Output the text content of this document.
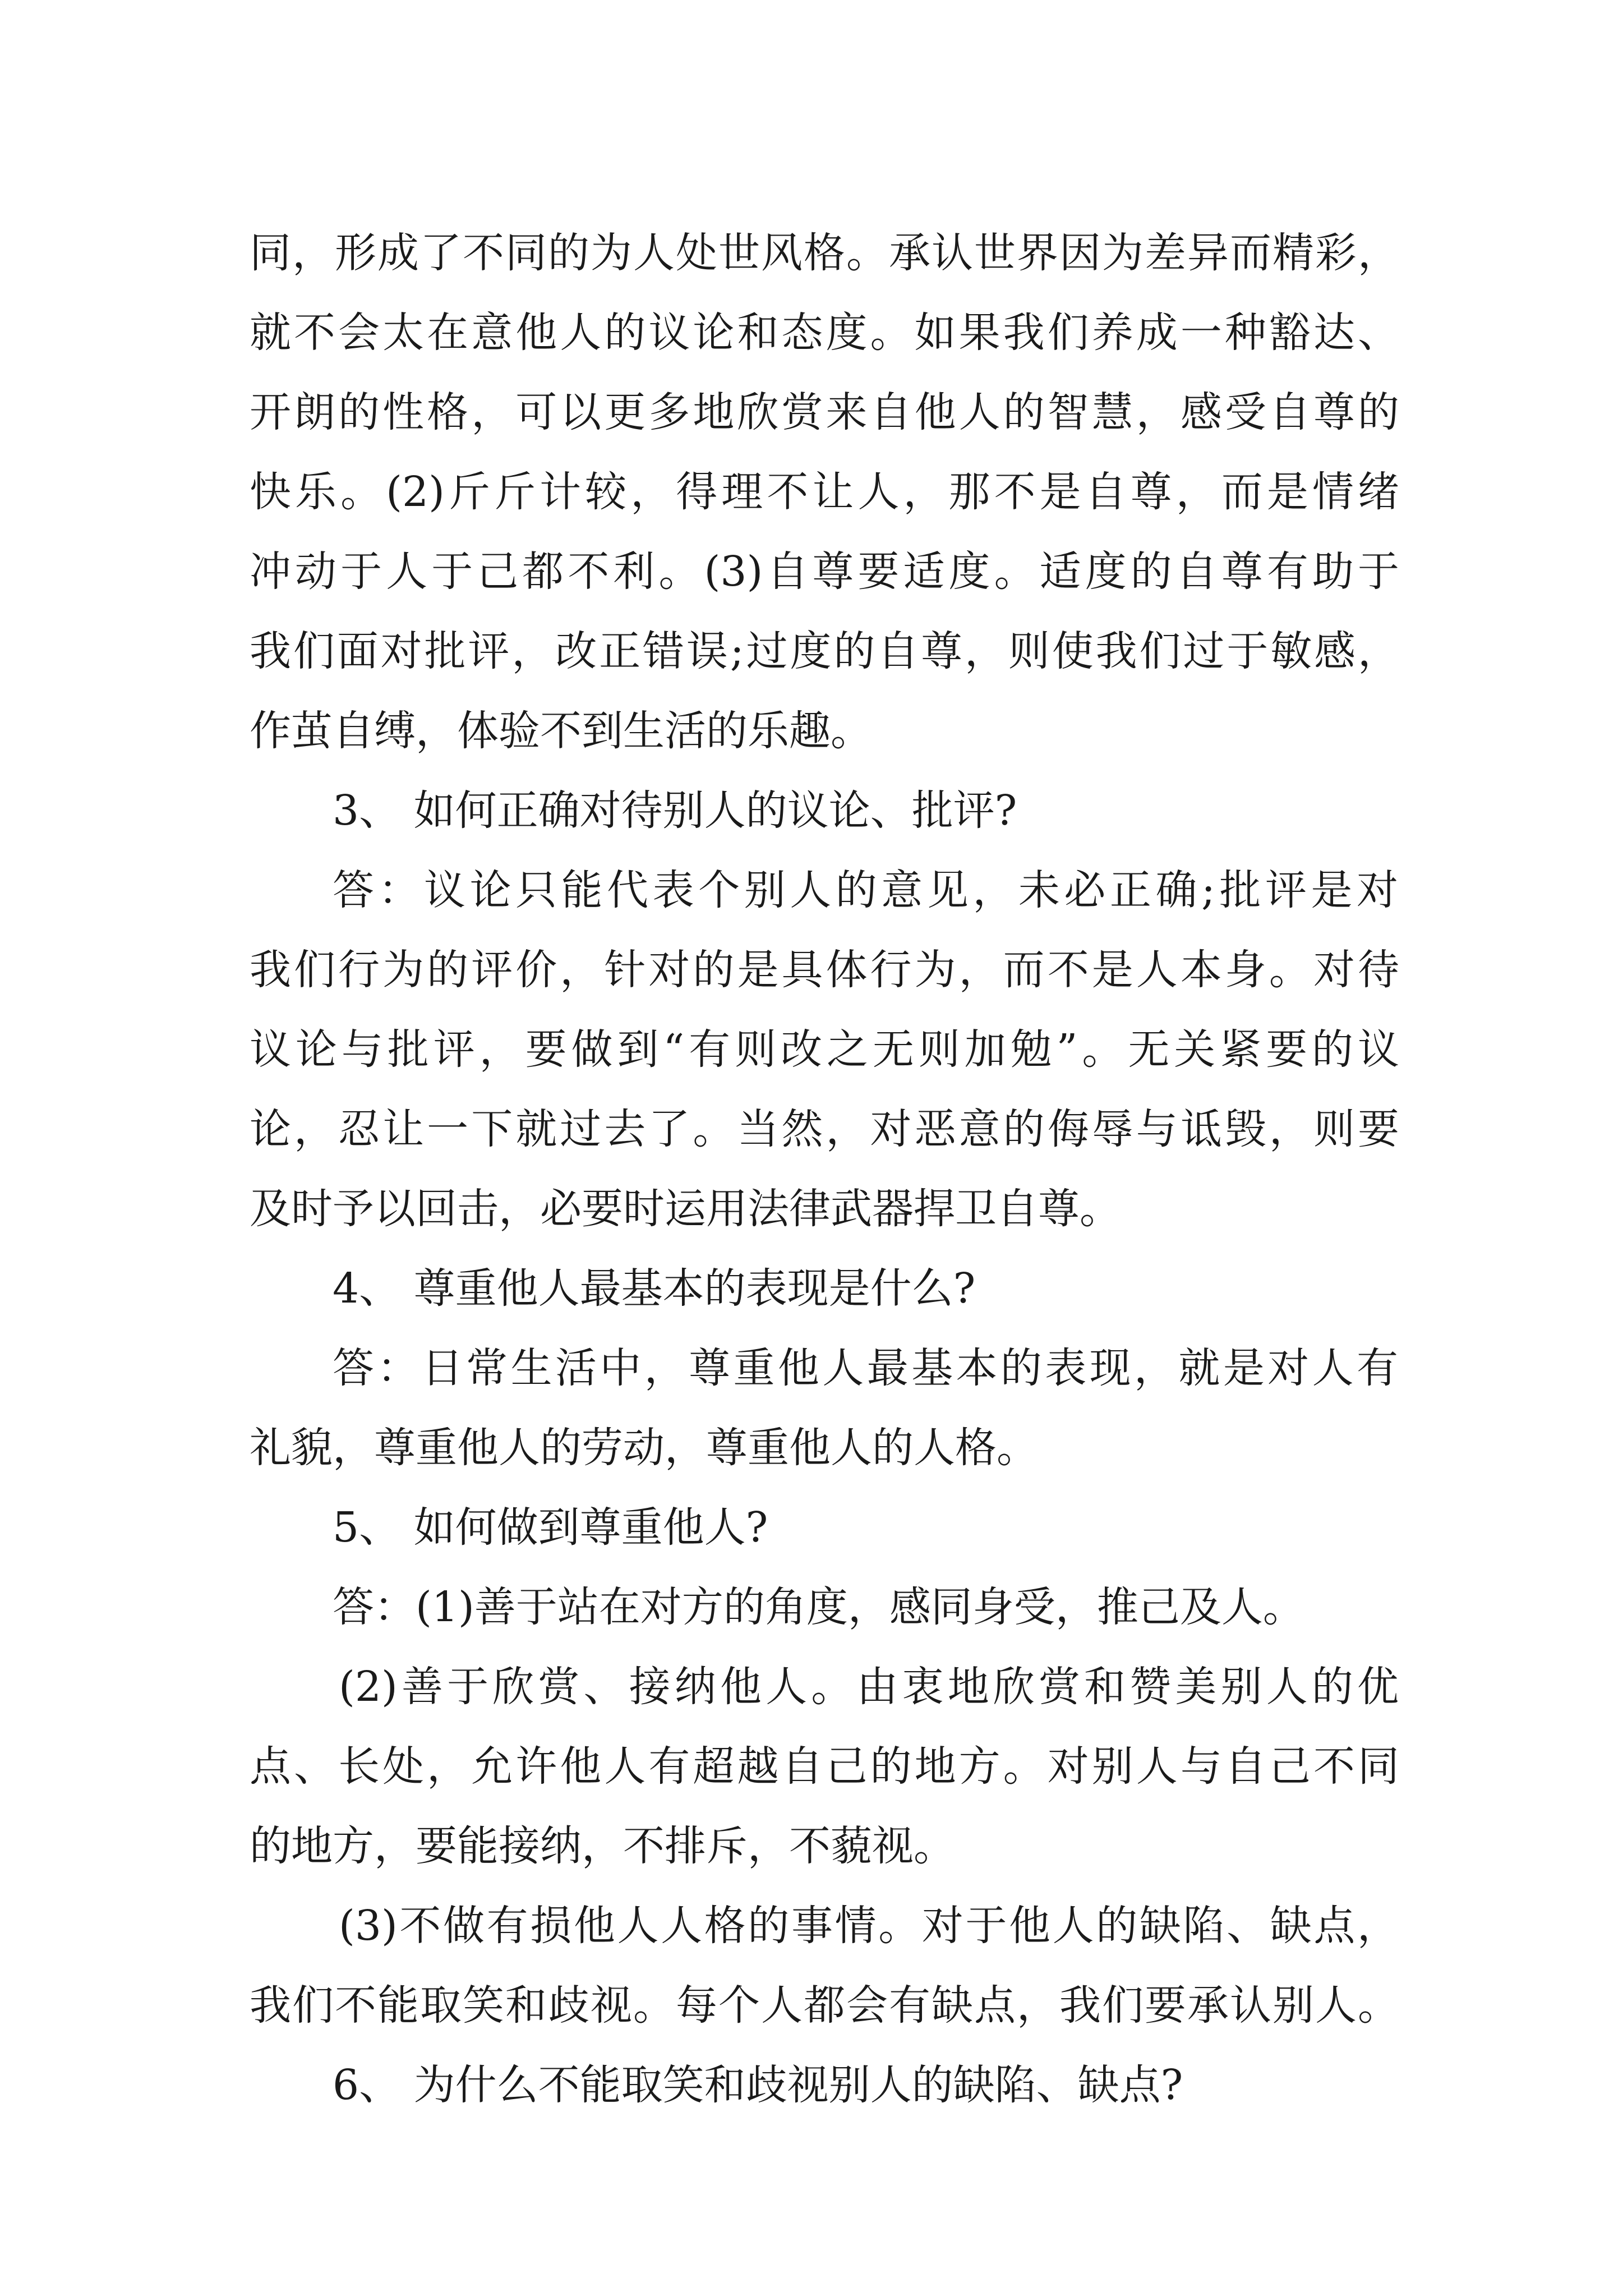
同，形成了不同的为人处世风格。承认世界因为差异而精彩，
就不会太在意他人的议论和态度。如果我们养成一种豁达、
开朗的性格，可以更多地欣赏来自他人的智慧，感受自尊的
快乐。(2)斤斤计较，得理不让人，那不是自尊，而是情绪
冲动于人于己都不利。(3)自尊要适度。适度的自尊有助于
我们面对批评，改正错误;过度的自尊，则使我们过于敏感，
作茧自缚，体验不到生活的乐趣。
3、 如何正确对待别人的议论、批评?
答：议论只能代表个别人的意见，未必正确;批评是对
我们行为的评价，针对的是具体行为，而不是人本身。对待
议论与批评，要做到“有则改之无则加勉”。无关紧要的议
论，忍让一下就过去了。当然，对恶意的侮辱与诋毁，则要
及时予以回击，必要时运用法律武器捍卫自尊。
4、 尊重他人最基本的表现是什么?
答：日常生活中，尊重他人最基本的表现，就是对人有
礼貌，尊重他人的劳动，尊重他人的人格。
5、 如何做到尊重他人?
答：(1)善于站在对方的角度，感同身受，推己及人。
(2)善于欣赏、接纳他人。由衷地欣赏和赞美别人的优
点、长处，允许他人有超越自己的地方。对别人与自己不同
的地方，要能接纳，不排斥，不藐视。
(3)不做有损他人人格的事情。对于他人的缺陷、缺点，
我们不能取笑和歧视。每个人都会有缺点，我们要承认别人。
6、 为什么不能取笑和歧视别人的缺陷、缺点?
